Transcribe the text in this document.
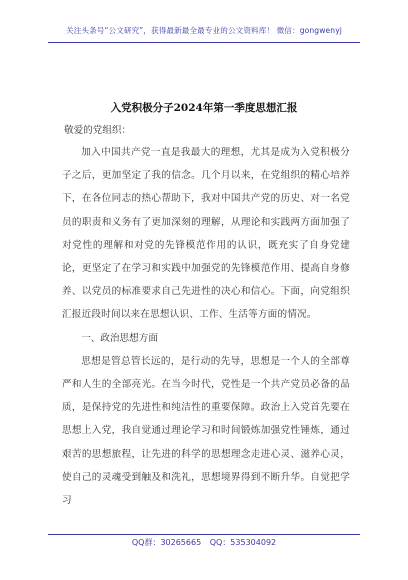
关注头条号“公文研究”，获得最新最全最专业的公文资料库！ 微信：gongwenyj
入党积极分子2024年第一季度思想汇报

敬爱的党组织：

加入中国共产党一直是我最大的理想，尤其是成为入党积极分子之后，更加坚定了我的信念。几个月以来，在党组织的精心培养下，在各位同志的热心帮助下，我对中国共产党的历史、对一名党员的职责和义务有了更加深刻的理解，从理论和实践两方面加强了对党性的理解和对党的先锋模范作用的认识，既充实了自身党建论，更坚定了在学习和实践中加强党的先锋模范作用、提高自身修养、以党员的标准要求自己先进性的决心和信心。下面，向党组织汇报近段时间以来在思想认识、工作、生活等方面的情况。

一、政治思想方面

思想是管总管长远的，是行动的先导，思想是一个人的全部尊严和人生的全部亮光。在当今时代，党性是一个共产党员必备的品质，是保持党的先进性和纯洁性的重要保障。政治上入党首先要在思想上入党，我自觉通过理论学习和时间锻炼加强党性锤炼，通过艰苦的思想旅程，让先进的科学的思想理念走进心灵、滋养心灵，使自己的灵魂受到触及和洗礼，思想境界得到不断升华。自觉把学习

QQ群：30265665 QQ：535304092
